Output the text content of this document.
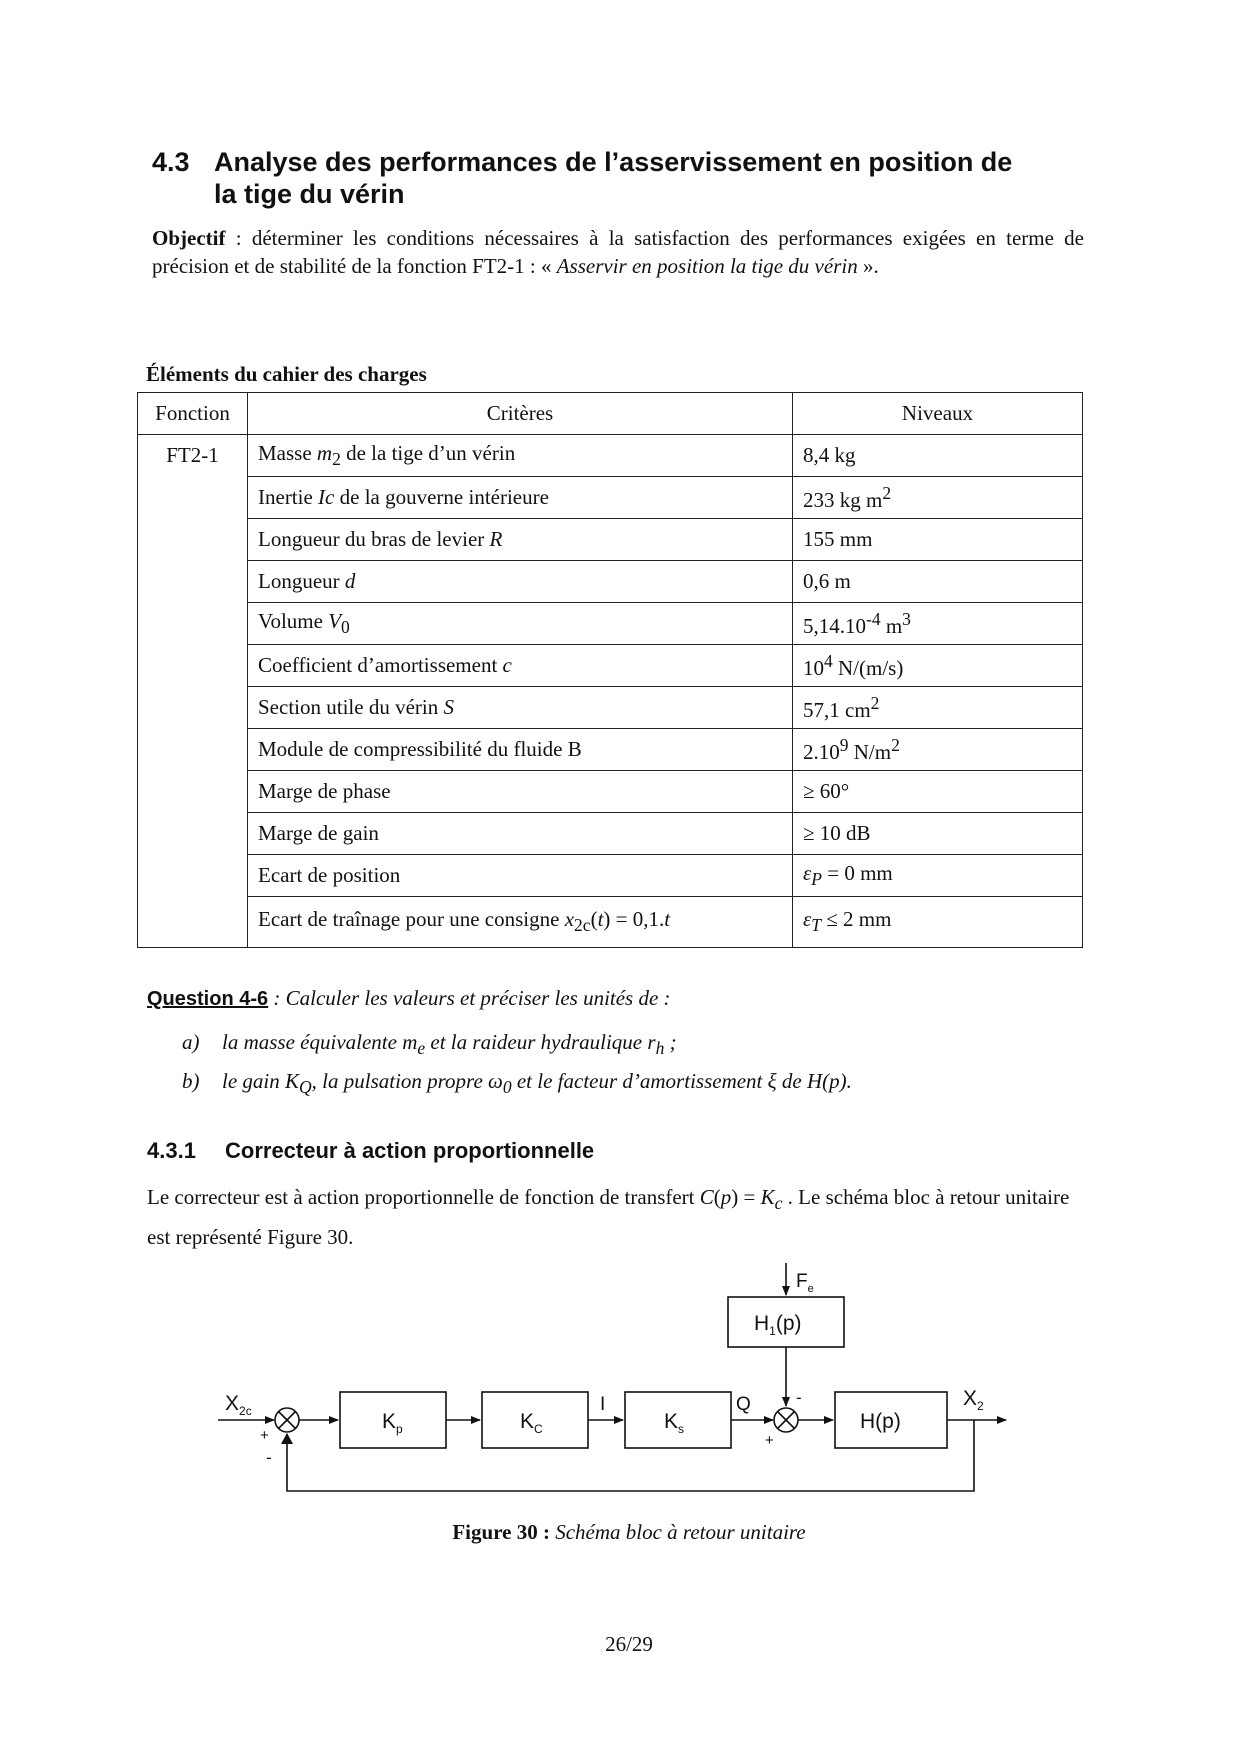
4.3 Analyse des performances de l’asservissement en position de
la tige du vérin
Objectif : déterminer les conditions nécessaires à la satisfaction des performances exigées en terme de précision et de stabilité de la fonction FT2-1 : « Asservir en position la tige du vérin ».
Éléments du cahier des charges
Fonction	Critères	Niveaux
FT2-1	Masse $m_2$ de la tige d’un vérin	8,4 kg
	Inertie Ic de la gouverne intérieure	233 kg $m^2$
	Longueur du bras de levier R	155 mm
	Longueur d	0,6 m
	Volume $V_0$	$5,14.10^{-4}$ $m^3$
	Coefficient d’amortissement c	$10^4$ N/(m/s)
	Section utile du vérin S	57,1 $cm^2$
	Module de compressibilité du fluide B	2.10$^9$ $N/m^2$
	Marge de phase	≥ 60°
	Marge de gain	≥ 10 dB
	Ecart de position	$\varepsilon_P = 0$ mm
	Ecart de traînage pour une consigne $x_{2c}(t) = 0,1.t$	$\varepsilon_T \le 2$ mm
Question 4-6 : Calculer les valeurs et préciser les unités de :
a) la masse équivalente $m_e$ et la raideur hydraulique $r_h$ ;
b) le gain $K_Q$, la pulsation propre $\omega_0$ et le facteur d’amortissement ξ de H(p).
4.3.1 Correcteur à action proportionnelle
Le correcteur est à action proportionnelle de fonction de transfert $C(p) = K_c$ . Le schéma bloc à retour unitaire est représenté Figure 30.
$X_{2c}$
+
-
$K_p$	$K_C$	$K_s$
I	Q
$F_e$
$H_1(p)$
-
+
H(p)
$X_2$
Figure 30 : Schéma bloc à retour unitaire
26/29
